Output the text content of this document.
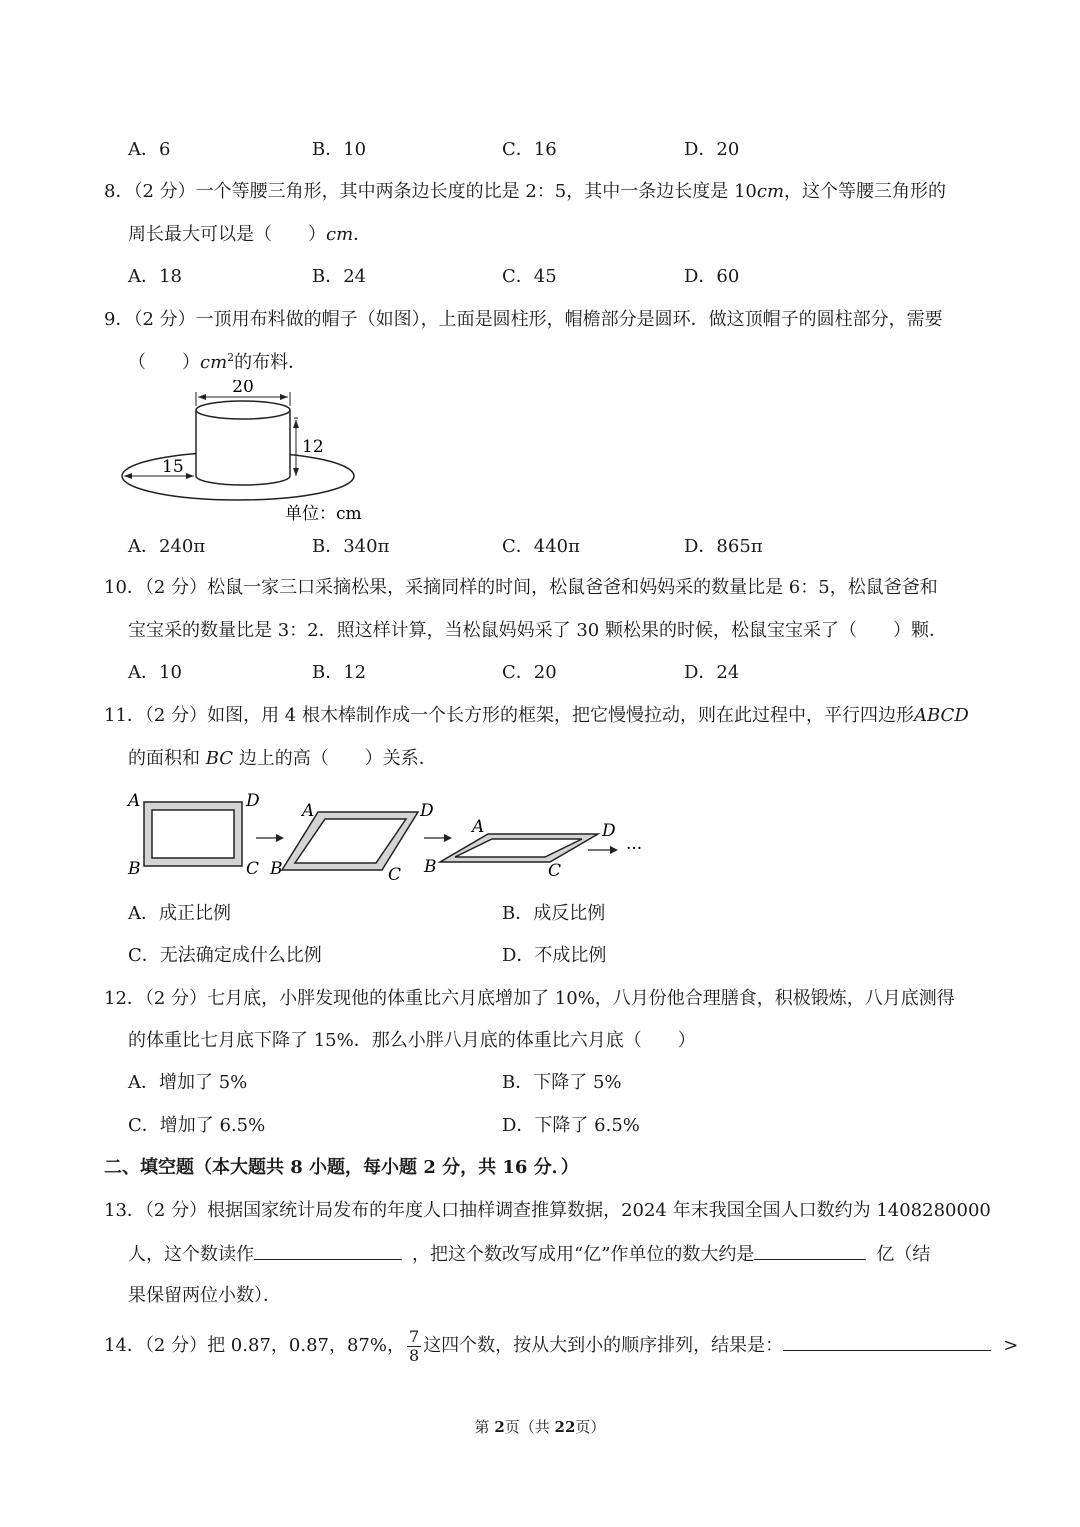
A．6	B．10	C．16	D．20
8．（2 分）一个等腰三角形，其中两条边长度的比是 2：5，其中一条边长度是 10cm，这个等腰三角形的
周长最大可以是（　　）cm．
A．18	B．24	C．45	D．60
9．（2 分）一顶用布料做的帽子（如图），上面是圆柱形，帽檐部分是圆环．做这顶帽子的圆柱部分，需要
（　　）$cm^2$的布料．
20
12
15
单位：cm
A．240π	B．340π	C．440π	D．865π
10．（2 分）松鼠一家三口采摘松果，采摘同样的时间，松鼠爸爸和妈妈采的数量比是 6：5，松鼠爸爸和
宝宝采的数量比是 3：2．照这样计算，当松鼠妈妈采了 30 颗松果的时候，松鼠宝宝采了（　　）颗．
A．10	B．12	C．20	D．24
11．（2 分）如图，用 4 根木棒制作成一个长方形的框架，把它慢慢拉动，则在此过程中，平行四边形ABCD
的面积和 BC 边上的高（　　）关系．
A	D
B	C
A	D
B	C
A	D
B	C
···
A．成正比例	B．成反比例
C．无法确定成什么比例	D．不成比例
12．（2 分）七月底，小胖发现他的体重比六月底增加了 10%，八月份他合理膳食，积极锻炼，八月底测得
的体重比七月底下降了 15%．那么小胖八月底的体重比六月底（　　）
A．增加了 5%	B．下降了 5%
C．增加了 6.5%	D．下降了 6.5%
二、填空题（本大题共 8 小题，每小题 2 分，共 16 分．）
13．（2 分）根据国家统计局发布的年度人口抽样调查推算数据，2024 年末我国全国人口数约为 1408280000
人，这个数读作	，把这个数改写成用“亿”作单位的数大约是	亿（结
果保留两位小数）．
14．（2 分）把 0.8· 7，0.· 8· 7，87%， $\frac{7}{8}$ 这四个数，按从大到小的顺序排列，结果是：	>
第 2页（共 22页）
